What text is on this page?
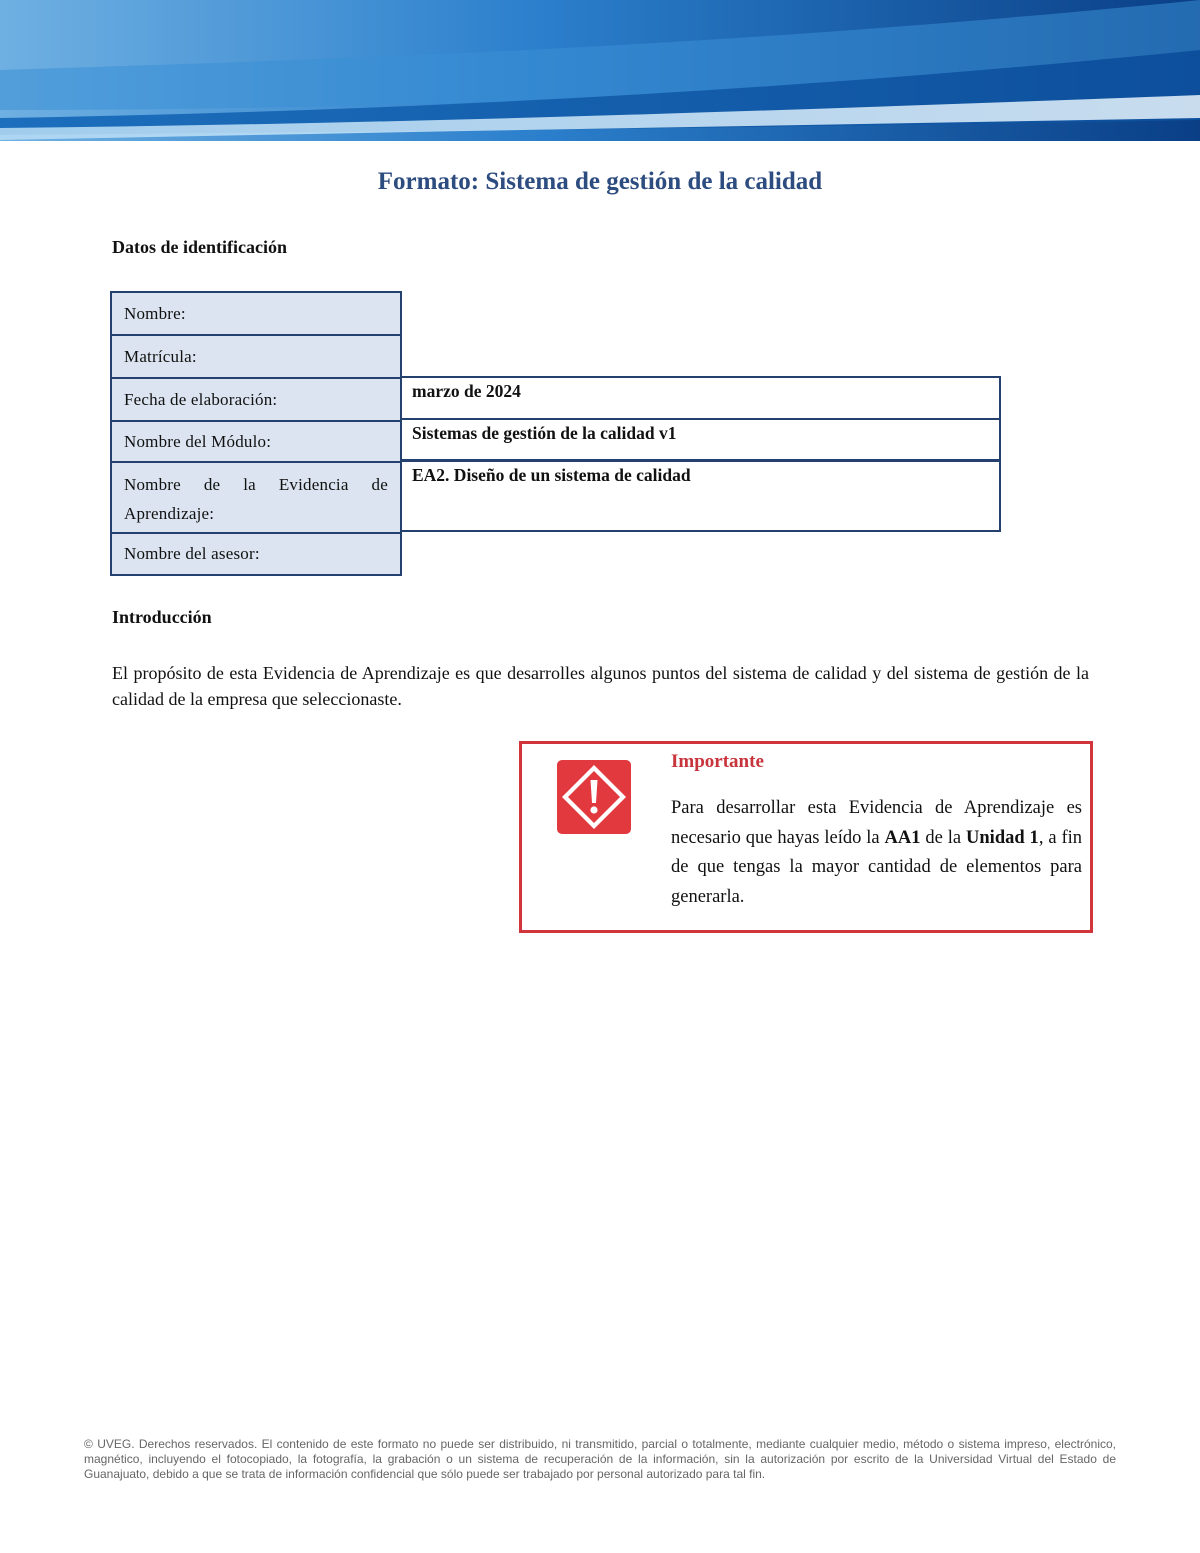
Formato: Sistema de gestión de la calidad
Datos de identificación
Nombre:
Matrícula:
Fecha de elaboración:	marzo de 2024
Nombre del Módulo:	Sistemas de gestión de la calidad v1
Nombre de la Evidencia de Aprendizaje:
EA2. Diseño de un sistema de calidad
Nombre del asesor:
Introducción
El propósito de esta Evidencia de Aprendizaje es que desarrolles algunos puntos del sistema de calidad y del sistema de gestión de la calidad de la empresa que seleccionaste.
Importante
Para desarrollar esta Evidencia de Aprendizaje es necesario que hayas leído la AA1 de la Unidad 1, a fin de que tengas la mayor cantidad de elementos para generarla.
© UVEG. Derechos reservados. El contenido de este formato no puede ser distribuido, ni transmitido, parcial o totalmente, mediante cualquier medio, método o sistema impreso, electrónico, magnético, incluyendo el fotocopiado, la fotografía, la grabación o un sistema de recuperación de la información, sin la autorización por escrito de la Universidad Virtual del Estado de Guanajuato, debido a que se trata de información confidencial que sólo puede ser trabajado por personal autorizado para tal fin.
